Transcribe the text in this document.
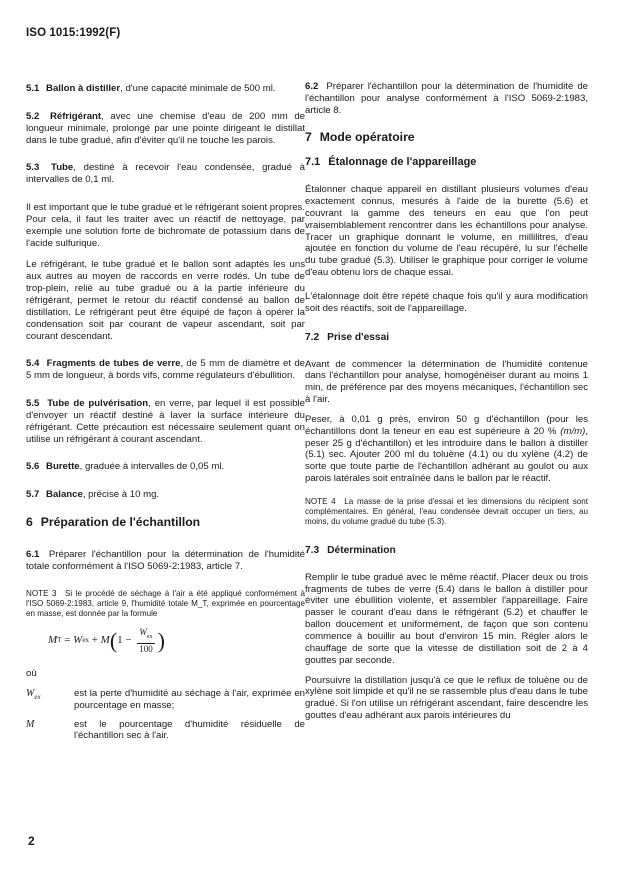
ISO 1015:1992(F)

5.1 Ballon à distiller, d'une capacité minimale de 500 ml.

5.2 Réfrigérant, avec une chemise d'eau de 200 mm de longueur minimale, prolongé par une pointe dirigeant le distillat dans le tube gradué, afin d'éviter qu'il ne touche les parois.

5.3 Tube, destiné à recevoir l'eau condensée, gradué à intervalles de 0,1 ml.

Il est important que le tube gradué et le réfrigérant soient propres. Pour cela, il faut les traiter avec un réactif de nettoyage, par exemple une solution forte de bichromate de potassium dans de l'acide sulfurique.

Le réfrigérant, le tube gradué et le ballon sont adaptés les uns aux autres au moyen de raccords en verre rodés. Un tube de trop-plein, relié au tube gradué ou à la partie inférieure du réfrigérant, permet le retour du réactif condensé au ballon de distillation. Le réfrigérant peut être équipé de façon à opérer la condensation soit par courant de vapeur ascendant, soit par courant descendant.

5.4 Fragments de tubes de verre, de 5 mm de diamètre et de 5 mm de longueur, à bords vifs, comme régulateurs d'ébullition.

5.5 Tube de pulvérisation, en verre, par lequel il est possible d'envoyer un réactif destiné à laver la surface intérieure du réfrigérant. Cette précaution est nécessaire seulement quant on utilise un réfrigérant à courant ascendant.

5.6 Burette, graduée à intervalles de 0,05 ml.

5.7 Balance, précise à 10 mg.

6 Préparation de l'échantillon

6.1 Préparer l'échantillon pour la détermination de l'humidité totale conformément à l'ISO 5069-2:1983, article 7.

NOTE 3 Si le procédé de séchage à l'air a été appliqué conformément à l'ISO 5069-2:1983, article 9, l'humidité totale M_T, exprimée en pourcentage en masse, est donnée par la formule

M T = W ex + M ( $1 - \frac{W_{ex}}{100}$ )

où

$W_{ex}$	est la perte d'humidité au séchage à l'air, exprimée en pourcentage en masse;
M	est le pourcentage d'humidité résiduelle de l'échantillon sec à l'air.

6.2 Préparer l'échantillon pour la détermination de l'humidité de l'échantillon pour analyse conformément à l'ISO 5069-2:1983, article 8.

7 Mode opératoire
7.1 Étalonnage de l'appareillage

Étalonner chaque appareil en distillant plusieurs volumes d'eau exactement connus, mesurés à l'aide de la burette (5.6) et couvrant la gamme des teneurs en eau que l'on peut vraisemblablement rencontrer dans les échantillons pour analyse. Tracer un graphique donnant le volume, en millilitres, d'eau ajoutée en fonction du volume de l'eau récupéré, lu sur l'échelle du tube gradué (5.3). Utiliser le graphique pour corriger le volume d'eau obtenu lors de chaque essai.

L'étalonnage doit être répété chaque fois qu'il y aura modification soit des réactifs, soit de l'appareillage.

7.2 Prise d'essai

Avant de commencer la détermination de l'humidité contenue dans l'échantillon pour analyse, homogénéiser durant au moins 1 min, de préférence par des moyens mécaniques, l'échantillon sec à l'air.

Peser, à 0,01 g près, environ 50 g d'échantillon (pour les échantillons dont la teneur en eau est supérieure à 20 % (m/m), peser 25 g d'échantillon) et les introduire dans le ballon à distiller (5.1) sec. Ajouter 200 ml du toluène (4.1) ou du xylène (4.2) de sorte que toute partie de l'échantillon adhérant au goulot ou aux parois latérales soit entraînée dans le ballon par le réactif.

NOTE 4 La masse de la prise d'essai et les dimensions du récipient sont complémentaires. En général, l'eau condensée devrait occuper un tiers, au moins, du volume gradué du tube (5.3).

7.3 Détermination

Remplir le tube gradué avec le même réactif. Placer deux ou trois fragments de tubes de verre (5.4) dans le ballon à distiller pour éviter une ébullition violente, et assembler l'appareillage. Faire passer le courant d'eau dans le réfrigérant (5.2) et chauffer le ballon doucement et uniformément, de façon que son contenu commence à bouillir au bout d'environ 15 min. Régler alors le chauffage de sorte que la vitesse de distillation soit de 2 à 4 gouttes par seconde.

Poursuivre la distillation jusqu'à ce que le reflux de toluène ou de xylène soit limpide et qu'il ne se rassemble plus d'eau dans le tube gradué. Si l'on utilise un réfrigérant ascendant, faire descendre les gouttes d'eau adhérant aux parois intérieures du

2
